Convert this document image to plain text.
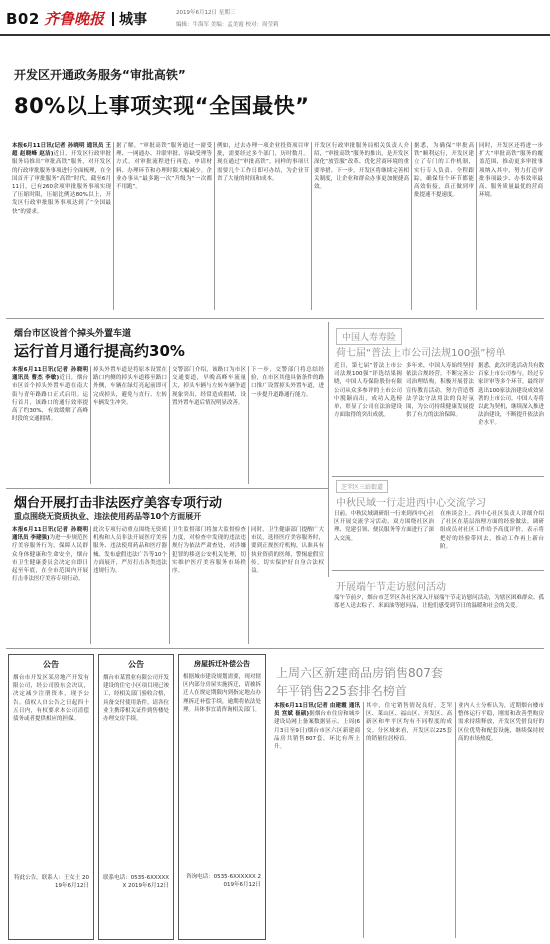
B02 齐鲁晚报 城事	2019年6月12日 星期三
编辑：牛海军 美编：孟美霞 校对：周莹莉
开发区开通政务服务“审批高铁”
80%以上事项实现“全国最快”
本报6月11日讯(记者 孙晓明 通讯员 王超 赵晓峰 赵洁)近日，开发区行政审批服务局推出“审批高铁”服务，对开发区的行政审批服务事项进行全面梳理，在全国首开了审批服务“高铁”时代。截至6月11日，已有260余项审批服务事项实现了压缩时限，压缩比例达80%以上，开发区行政审批服务事项达到了“全国最快”的要求。
据了解，“审批高铁”服务通过一窗受理、一网通办、并联审批、容缺受理等方式，对审批流程进行再造，申请材料、办理环节和办理时限大幅减少。企业办事从“最多跑一次”升级为“一次都不用跑”。
例如，过去办理一项企业投资项目审批，需要经过多个部门，历时数月。现在通过“审批高铁”，同样的事项只需要几个工作日即可办结，为企业节省了大量的时间和成本。
开发区行政审批服务局相关负责人介绍，“审批高铁”服务的推出，是开发区深化“放管服”改革、优化营商环境的重要举措。下一步，开发区将继续完善相关制度，让企业和群众办事更加便捷高效。
据悉，为确保“审批高铁”顺利运行，开发区建立了专门的工作机制，实行专人负责、全程跟踪，确保每个环节都能高效衔接，真正做到审批提速不提速度。
同时，开发区还将进一步扩大“审批高铁”服务的覆盖范围，推动更多审批事项纳入其中，努力打造审批事项最少、办事效率最高、服务质量最优的营商环境。
烟台市区设首个掉头外置车道
运行首月通行提高约30%
本报6月11日讯(记者 孙晓明 通讯员 曹杰 李敏)近日，烟台市区首个掉头外置车道在南大街与青年路路口正式启用。运行首月，该路口的通行效率提高了约30%，有效缓解了高峰时段的交通拥堵。
掉头外置车道是将原本设置在路口内侧的掉头车道移至路口外侧，车辆在绿灯亮起前即可完成掉头，避免与直行、左转车辆发生冲突。
交警部门介绍，该路口为市区交通要道，早晚高峰车流量大，掉头车辆与左转车辆争道现象突出，经常造成拥堵，设置外置车道后情况明显改善。
下一步，交警部门将总结经验，在市区其他具备条件的路口推广设置掉头外置车道，进一步提升道路通行能力。
中国人寿寿险
荷七届“普法上市公司法规100强”榜单
近日，第七届“普法上市公司法规100强”评选结果揭晓，中国人寿保险股份有限公司从众多参评的上市公司中脱颖而出，成功入选榜单，彰显了公司在法治建设方面取得的突出成就。
多年来，中国人寿始终坚持依法合规经营，不断完善公司治理结构，积极开展普法宣传教育活动，努力营造尊法学法守法用法的良好氛围，为公司持续健康发展提供了有力的法治保障。
据悉，此次评选活动共有数百家上市公司参与，经过专家评审等多个环节，最终评选出100家法治建设成效显著的上市公司。中国人寿将以此为契机，继续深入推进法治建设，不断提升依法治企水平。
芝罘区三站街道
中秋民域一行走进西中心交流学习
日前，中秋民域调研组一行来到西中心社区开展交流学习活动，双方围绕社区治理、党建引领、便民服务等方面进行了深入交流。
在座谈会上，西中心社区负责人详细介绍了社区在基层治理方面的经验做法。调研组成员对社区工作给予高度评价，表示将把好的经验带回去，推动工作再上新台阶。
开展端午节走访慰问活动
端午节前夕，烟台市芝罘区各社区深入开展端午节走访慰问活动，为辖区困难群众、孤寡老人送去粽子、米面油等慰问品，让他们感受到节日的温暖和社会的关爱。
烟台开展打击非法医疗美容专项行动
重点围绕无资质执业、违法使用药品等10个方面展开
本报6月11日讯(记者 孙晓明 通讯员 李建强)为进一步规范医疗美容服务行为，保障人民群众身体健康和生命安全，烟台市卫生健康委员会决定自即日起至年底，在全市范围内开展打击非法医疗美容专项行动。
此次专项行动重点围绕无资质机构和人员非法开展医疗美容服务、违法使用药品和医疗器械、发布虚假违法广告等10个方面展开，严厉打击各类违法违规行为。
卫生监督部门将加大监督检查力度，对检查中发现的违法违规行为依法严肃查处，对涉嫌犯罪的移送公安机关处理，切实维护医疗美容服务市场秩序。
同时，卫生健康部门提醒广大市民，选择医疗美容服务时，要到正规医疗机构，认准具有执业资质的医师，警惕虚假宣传，切实保护好自身合法权益。
公告
烟台市开发区某房地产开发有限公司，经公司股东会决议，决定减少注册资本，现予公告。债权人自公告之日起四十五日内，有权要求本公司清偿债务或者提供相应的担保。
特此公告。联系人：王女士 2019年6月12日
公告
烟台市某置业有限公司开发建设的住宅小区项目现已竣工，经相关部门验收合格，具备交付使用条件。请各位业主携带相关证件到售楼处办理交房手续。
联系电话：0535-6XXXXXX 2019年6月12日
房屋拆迁补偿公告
根据城市建设规划需要，现对辖区内部分房屋实施拆迁，请被拆迁人在规定期限内到指定地点办理拆迁补偿手续，逾期将依法处理。具体事宜请咨询相关部门。
咨询电话：0535-6XXXXXX 2019年6月12日
上周六区新建商品房销售807套
年平销售225套排名榜首
本报6月11日讯(记者 由建霞 通讯员 宫斌 崔硕)据烟台市住房和城乡建设局网上备案数据显示，上周(6月3日至9日)烟台市区六区新建商品房共销售807套，环比有所上升。
其中，住宅销售情况良好，芝罘区、莱山区、福山区、开发区、高新区和牟平区均有不同程度的成交。分区域来看，开发区以225套的销量位居榜首。
业内人士分析认为，近期烟台楼市整体运行平稳，刚需和改善型购房需求持续释放，开发区凭借良好的区位优势和配套设施，继续保持较高的市场热度。
